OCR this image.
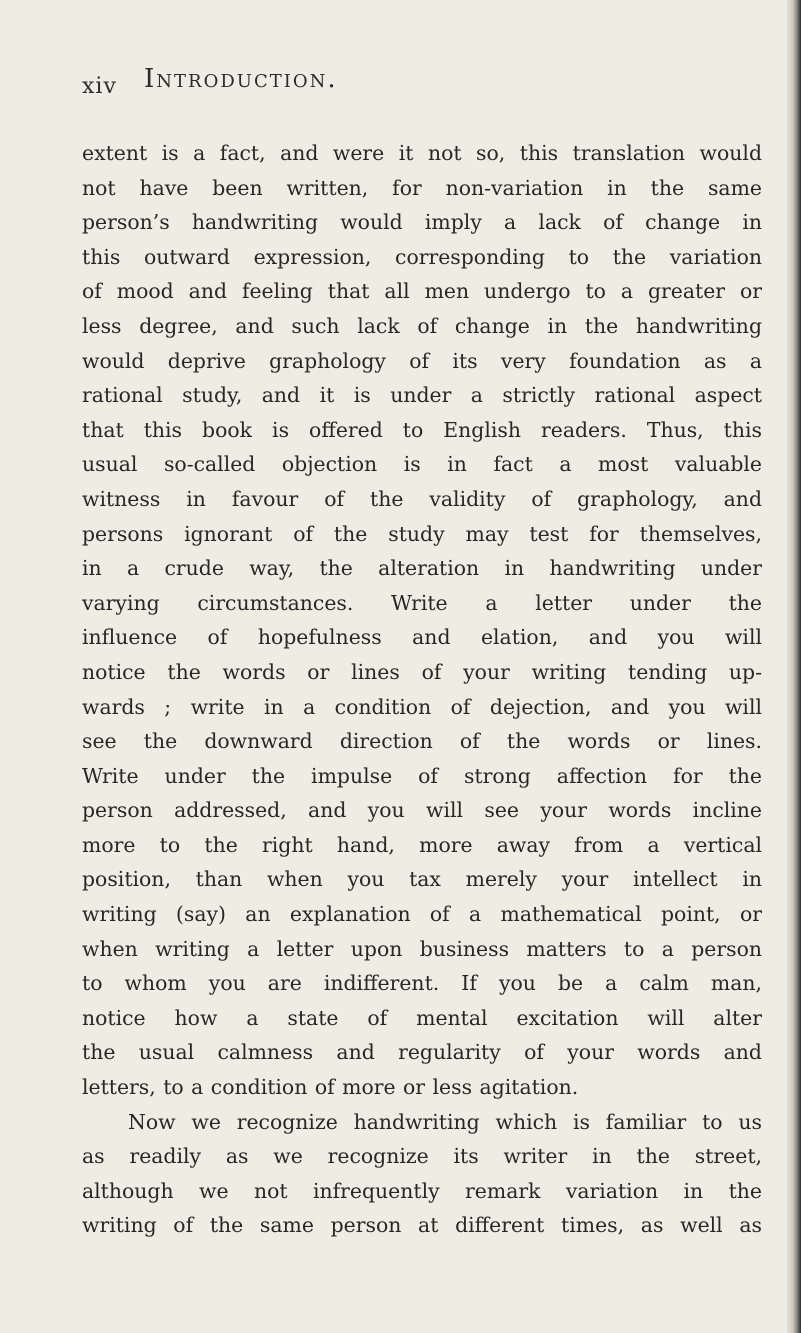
xiv Introduction.
extent is a fact, and were it not so, this translation would
not have been written, for non-variation in the same
person’s handwriting would imply a lack of change in
this outward expression, corresponding to the variation
of mood and feeling that all men undergo to a greater or
less degree, and such lack of change in the handwriting
would deprive graphology of its very foundation as a
rational study, and it is under a strictly rational aspect
that this book is offered to English readers. Thus, this
usual so-called objection is in fact a most valuable
witness in favour of the validity of graphology, and
persons ignorant of the study may test for themselves,
in a crude way, the alteration in handwriting under
varying circumstances. Write a letter under the
influence of hopefulness and elation, and you will
notice the words or lines of your writing tending up-
wards ; write in a condition of dejection, and you will
see the downward direction of the words or lines.
Write under the impulse of strong affection for the
person addressed, and you will see your words incline
more to the right hand, more away from a vertical
position, than when you tax merely your intellect in
writing (say) an explanation of a mathematical point, or
when writing a letter upon business matters to a person
to whom you are indifferent. If you be a calm man,
notice how a state of mental excitation will alter
the usual calmness and regularity of your words and
letters, to a condition of more or less agitation.
Now we recognize handwriting which is familiar to us
as readily as we recognize its writer in the street,
although we not infrequently remark variation in the
writing of the same person at different times, as well as
